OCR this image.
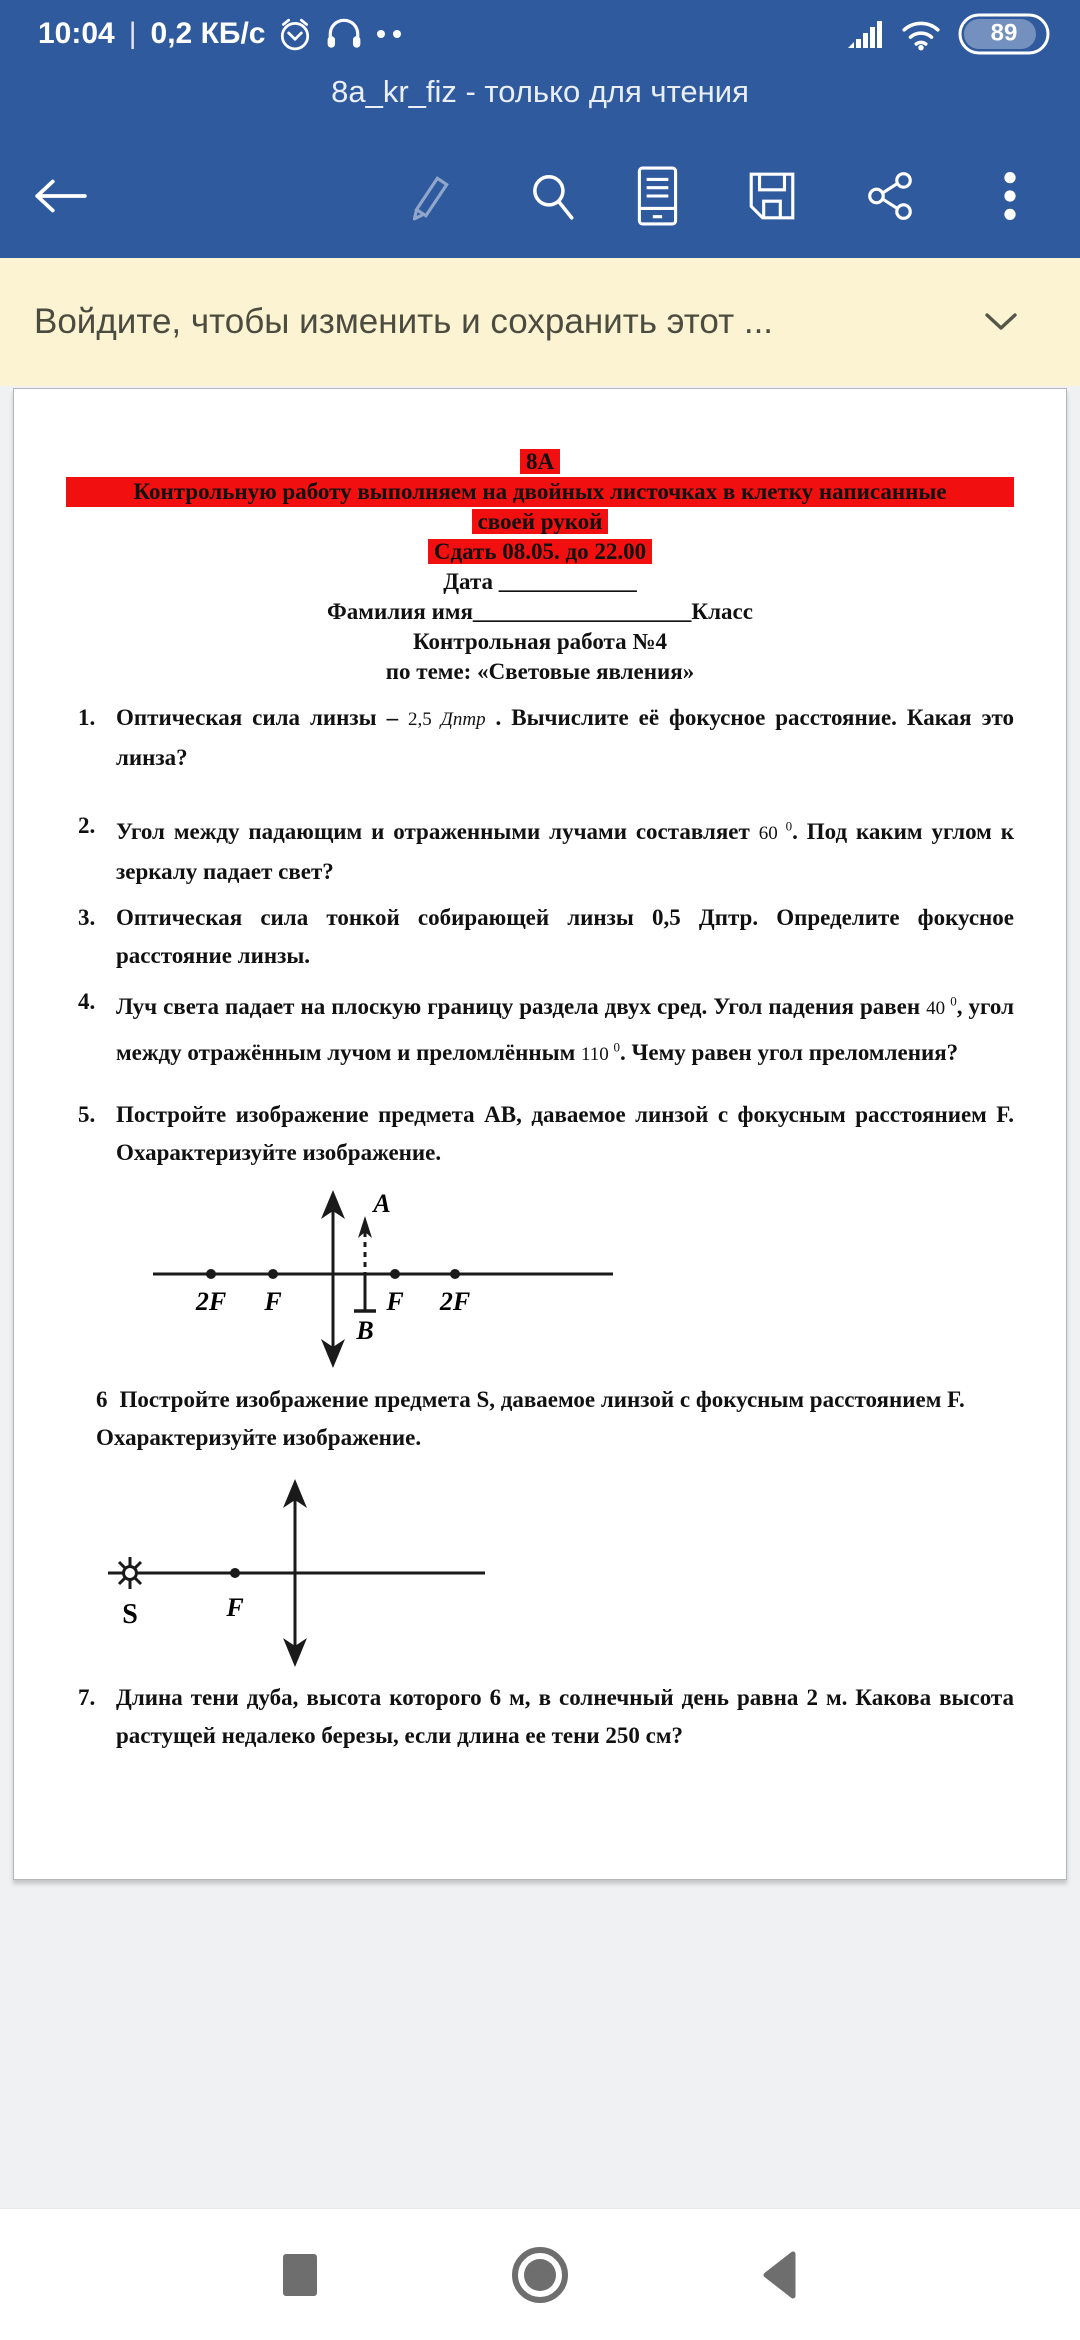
10:04 | 0,2 КБ/с	89
8a_kr_fiz - только для чтения
Войдите, чтобы изменить и сохранить этот ...
8А
Контрольную работу выполняем на двойных листочках в клетку написанные
своей рукой
Сдать 08.05. до 22.00
Дата ____________
Фамилия имя___________________Класс
Контрольная работа №4
по теме: «Световые явления»
1. Оптическая сила линзы – 2,5 Дптр . Вычислите её фокусное расстояние. Какая это линза?
2. Угол между падающим и отраженными лучами составляет 60 $^0$. Под каким углом к зеркалу падает свет?
3. Оптическая сила тонкой собирающей линзы 0,5 Дптр. Определите фокусное расстояние линзы.
4. Луч света падает на плоскую границу раздела двух сред. Угол падения равен 40 $^0$, угол между отражённым лучом и преломлённым 110 $^0$. Чему равен угол преломления?
5. Постройте изображение предмета АВ, даваемое линзой с фокусным расстоянием F. Охарактеризуйте изображение.
2F F	F 2F
A
B
6 Постройте изображение предмета S, даваемое линзой с фокусным расстоянием F. Охарактеризуйте изображение.
S	F
7. Длина тени дуба, высота которого 6 м, в солнечный день равна 2 м. Какова высота растущей недалеко березы, если длина ее тени 250 см?
